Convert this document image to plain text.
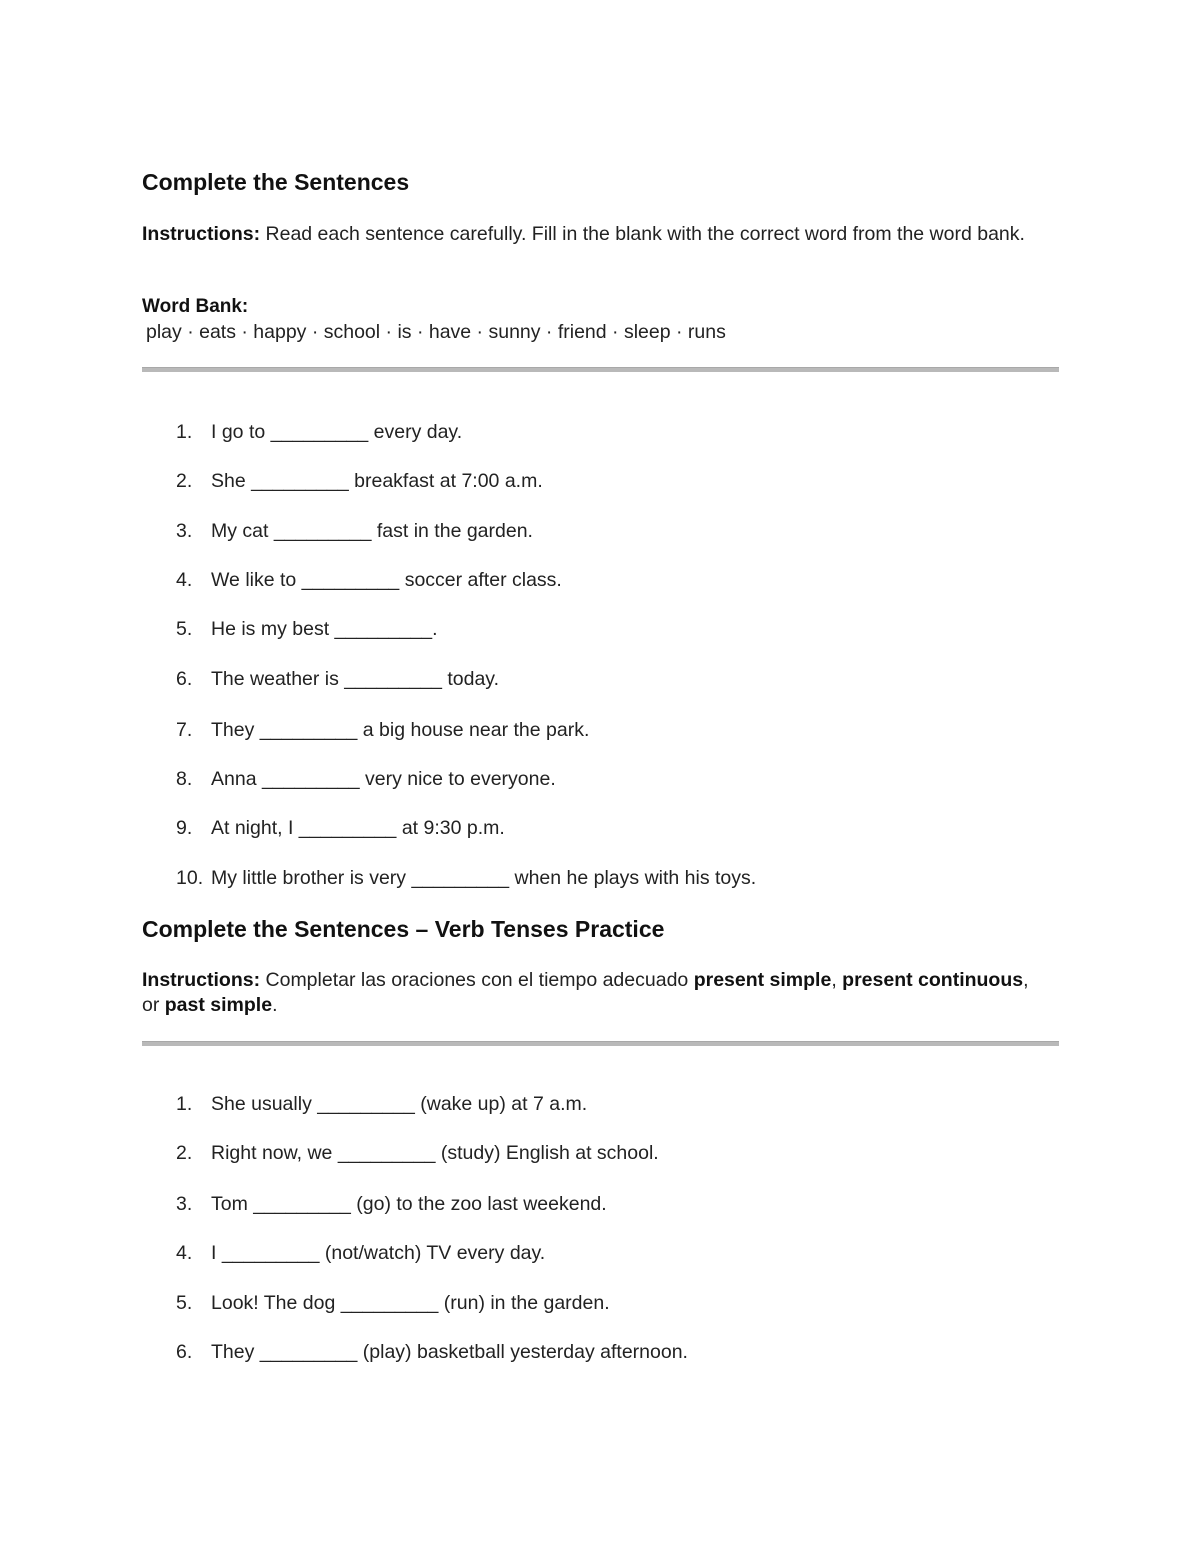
Complete the Sentences
Instructions: Read each sentence carefully. Fill in the blank with the correct word from the word bank.
Word Bank:
play · eats · happy · school · is · have · sunny · friend · sleep · runs
1. I go to _________ every day.
2. She _________ breakfast at 7:00 a.m.
3. My cat _________ fast in the garden.
4. We like to _________ soccer after class.
5. He is my best _________.
6. The weather is _________ today.
7. They _________ a big house near the park.
8. Anna _________ very nice to everyone.
9. At night, I _________ at 9:30 p.m.
10. My little brother is very _________ when he plays with his toys.
Complete the Sentences – Verb Tenses Practice
Instructions: Completar las oraciones con el tiempo adecuado present simple, present continuous, or past simple.
1. She usually _________ (wake up) at 7 a.m.
2. Right now, we _________ (study) English at school.
3. Tom _________ (go) to the zoo last weekend.
4. I _________ (not/watch) TV every day.
5. Look! The dog _________ (run) in the garden.
6. They _________ (play) basketball yesterday afternoon.
